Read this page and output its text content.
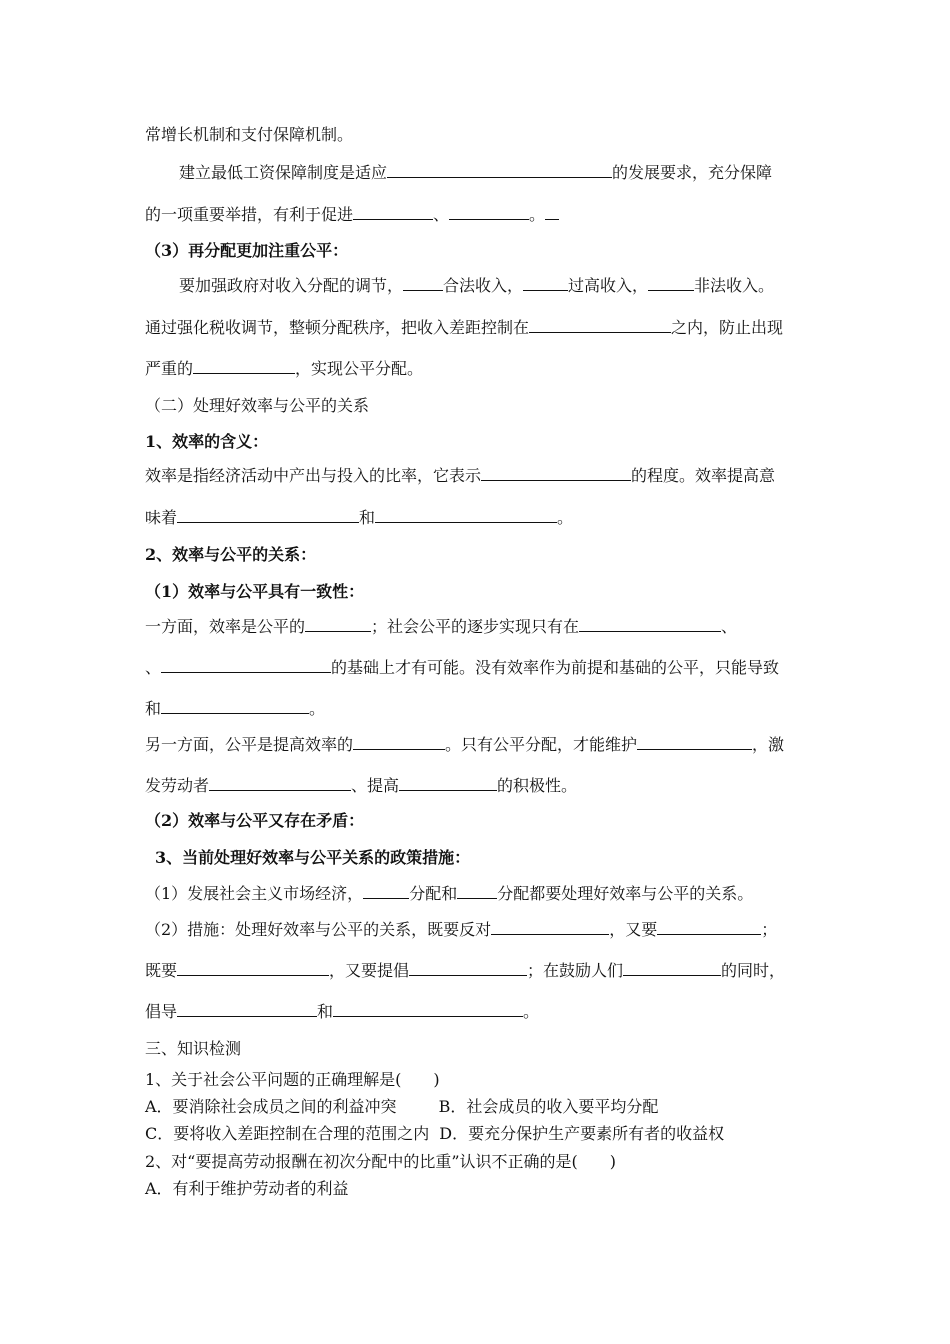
常增长机制和支付保障机制。
建立最低工资保障制度是适应	的发展要求，充分保障
的一项重要举措，有利于促进	、	。
（3）再分配更加注重公平：
要加强政府对收入分配的调节，	合法收入，	过高收入，	非法收入。
通过强化税收调节，整顿分配秩序，把收入差距控制在	之内，防止出现
严重的	，实现公平分配。
（二）处理好效率与公平的关系
1、效率的含义：
效率是指经济活动中产出与投入的比率，它表示	的程度。效率提高意
味着	和	。
2、效率与公平的关系：
（1）效率与公平具有一致性：
一方面，效率是公平的	；社会公平的逐步实现只有在	、
、	的基础上才有可能。没有效率作为前提和基础的公平，只能导致
和	。
另一方面，公平是提高效率的	。只有公平分配，才能维护	，激
发劳动者	、提高	的积极性。
（2）效率与公平又存在矛盾：
3、当前处理好效率与公平关系的政策措施：
（1）发展社会主义市场经济，	分配和	分配都要处理好效率与公平的关系。
（2）措施：处理好效率与公平的关系，既要反对	，又要	；
既要	，又要提倡	；在鼓励人们	的同时，
倡导	和	。
三、知识检测
1、关于社会公平问题的正确理解是(　　)
A．要消除社会成员之间的利益冲突	B．社会成员的收入要平均分配
C．要将收入差距控制在合理的范围之内 D．要充分保护生产要素所有者的收益权
2、对“要提高劳动报酬在初次分配中的比重”认识不正确的是(　　)
A．有利于维护劳动者的利益
